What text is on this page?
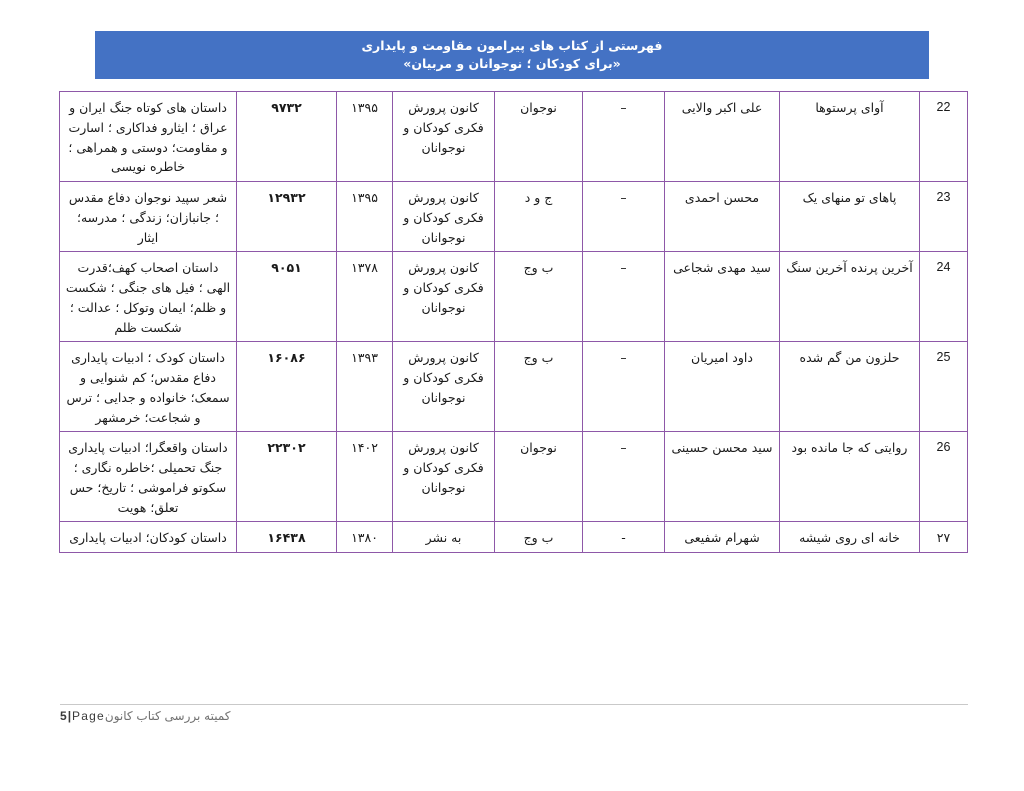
فهرستی از کتاب های پیرامون مقاومت و پایداری
«برای کودکان ؛ نوجوانان و مربیان»
22	آوای پرستوها	علی اکبر والایی	–	نوجوان	کانون پرورش فکری کودکان و نوجوانان	۱۳۹۵	۹۷۳۲	داستان های کوتاه جنگ ایران و عراق ؛ ایثارو فداکاری ؛ اسارت و مقاومت؛ دوستی و همراهی ؛ خاطره نویسی
23	پاهای تو منهای یک	محسن احمدی	–	ج و د	کانون پرورش فکری کودکان و نوجوانان	۱۳۹۵	۱۲۹۳۲	شعر سپید نوجوان دفاع مقدس ؛ جانبازان؛ زندگی ؛ مدرسه؛ ایثار
24	آخرین پرنده آخرین سنگ	سید مهدی شجاعی	–	ب وج	کانون پرورش فکری کودکان و نوجوانان	۱۳۷۸	۹۰۵۱	داستان اصحاب کهف؛قدرت الهی ؛ فیل های جنگی ؛ شکست و ظلم؛ ایمان وتوکل ؛ عدالت ؛شکست ظلم
25	حلزون من گم شده	داود امیریان	–	ب وج	کانون پرورش فکری کودکان و نوجوانان	۱۳۹۳	۱۶۰۸۶	داستان کودک ؛ ادبیات پایداری دفاع مقدس؛ کم شنوایی و سمعک؛ خانواده و جدایی ؛ ترس و شجاعت؛ خرمشهر
26	روایتی که جا مانده بود	سید محسن حسینی	–	نوجوان	کانون پرورش فکری کودکان و نوجوانان	۱۴۰۲	۲۲۳۰۲	داستان واقعگرا؛ ادبیات پایداری جنگ تحمیلی ؛خاطره نگاری ؛ سکوتو فراموشی ؛ تاریخ؛ حس تعلق؛ هویت
۲۷	خانه ای روی شیشه	شهرام شفیعی	-	ب وج	به نشر	۱۳۸۰	۱۶۴۳۸	داستان کودکان؛ ادبیات پایداری
5 | Page کمیته بررسی کتاب کانون
